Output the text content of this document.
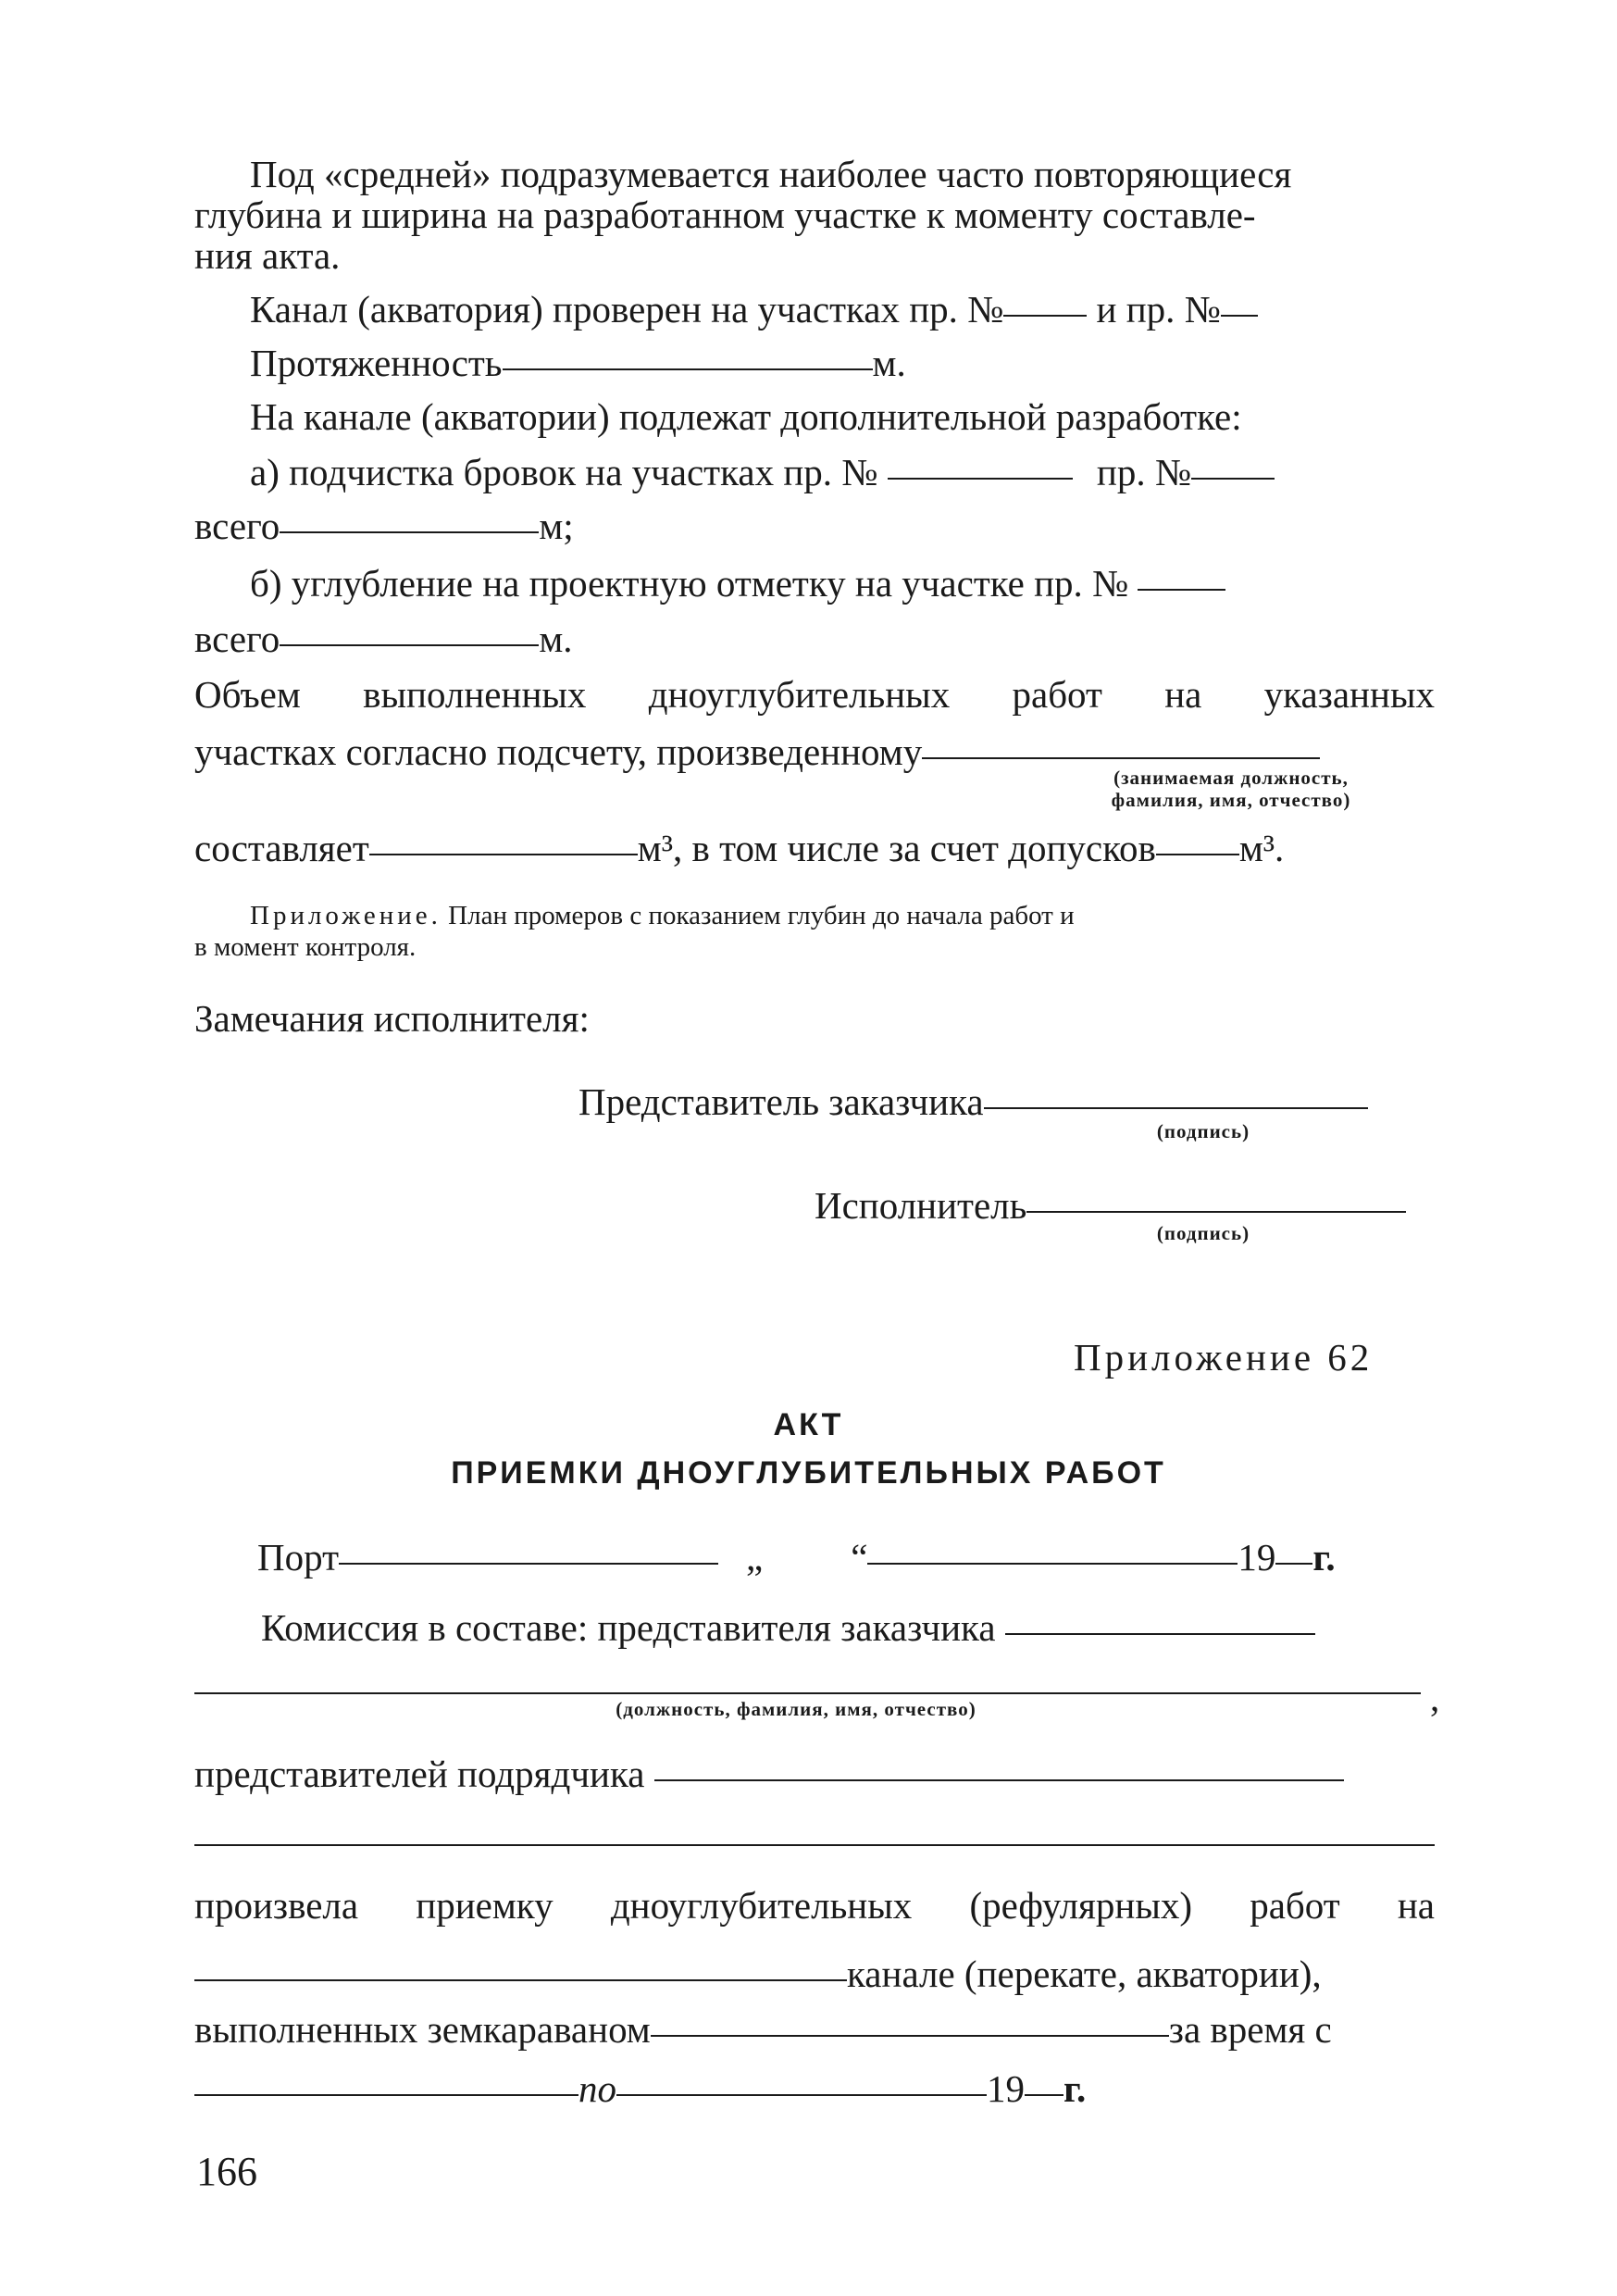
Под «средней» подразумевается наиболее часто повторяющиеся
глубина и ширина на разработанном участке к моменту составле-
ния акта.
Канал (акватория) проверен на участках пр. № и пр. №
Протяженность	м.
На канале (акватории) подлежат дополнительной разработке:
а) подчистка бровок на участках пр. №	пр. №
всего	м;
б) углубление на проектную отметку на участке пр. №
всего	м.
Объем выполненных дноуглубительных работ на указанных
участках согласно подсчету, произведенному
(занимаемая должность,
фамилия, имя, отчество)
составляет	м³, в том числе за счет допусков м³.
Приложение. План промеров с показанием глубин до начала работ и
в момент контроля.
Замечания исполнителя:
Представитель заказчика
(подпись)
Исполнитель
(подпись)
Приложение 62
АКТ
ПРИЕМКИ ДНОУГЛУБИТЕЛЬНЫХ РАБОТ
Порт	„ “	19 г.
Комиссия в составе: представителя заказчика
,
(должность, фамилия, имя, отчество)
представителей подрядчика
произвела приемку дноуглубительных (рефулярных) работ на
канале (перекате, акватории),
выполненных земкараваном	за время с
по	19 г.
166
